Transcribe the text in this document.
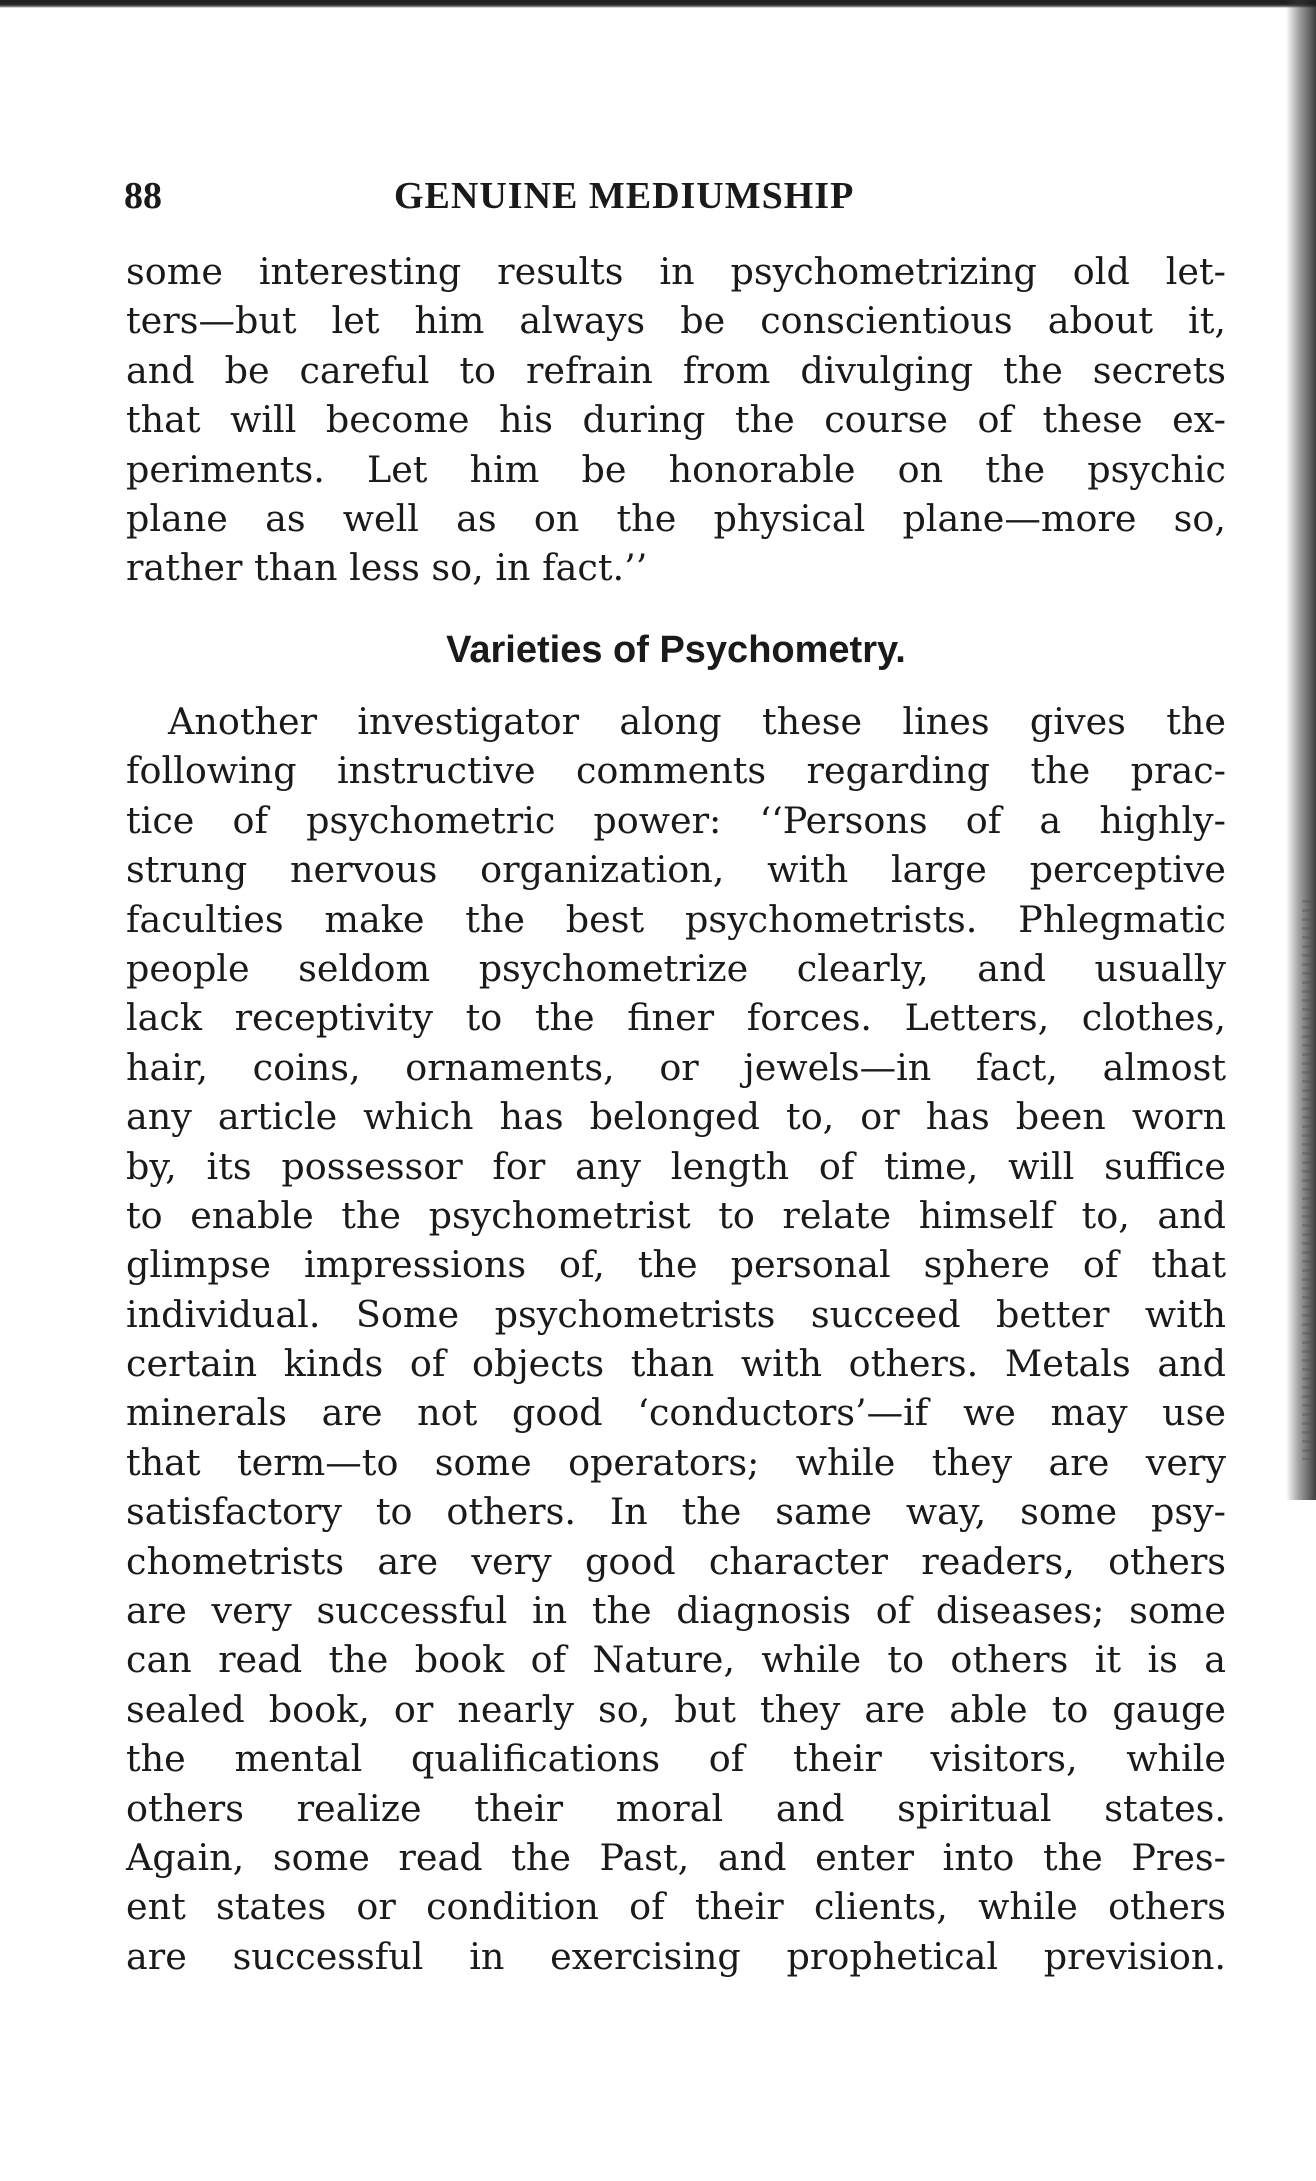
88	GENUINE MEDIUMSHIP
some interesting results in psychometrizing old let-
ters—but let him always be conscientious about it,
and be careful to refrain from divulging the secrets
that will become his during the course of these ex-
periments. Let him be honorable on the psychic
plane as well as on the physical plane—more so,
rather than less so, in fact.’’
Varieties of Psychometry.
Another investigator along these lines gives the
following instructive comments regarding the prac-
tice of psychometric power: ‘‘Persons of a highly-
strung nervous organization, with large perceptive
faculties make the best psychometrists. Phlegmatic
people seldom psychometrize clearly, and usually
lack receptivity to the finer forces. Letters, clothes,
hair, coins, ornaments, or jewels—in fact, almost
any article which has belonged to, or has been worn
by, its possessor for any length of time, will suffice
to enable the psychometrist to relate himself to, and
glimpse impressions of, the personal sphere of that
individual. Some psychometrists succeed better with
certain kinds of objects than with others. Metals and
minerals are not good ‘conductors’—if we may use
that term—to some operators; while they are very
satisfactory to others. In the same way, some psy-
chometrists are very good character readers, others
are very successful in the diagnosis of diseases; some
can read the book of Nature, while to others it is a
sealed book, or nearly so, but they are able to gauge
the mental qualifications of their visitors, while
others realize their moral and spiritual states.
Again, some read the Past, and enter into the Pres-
ent states or condition of their clients, while others
are successful in exercising prophetical prevision.
